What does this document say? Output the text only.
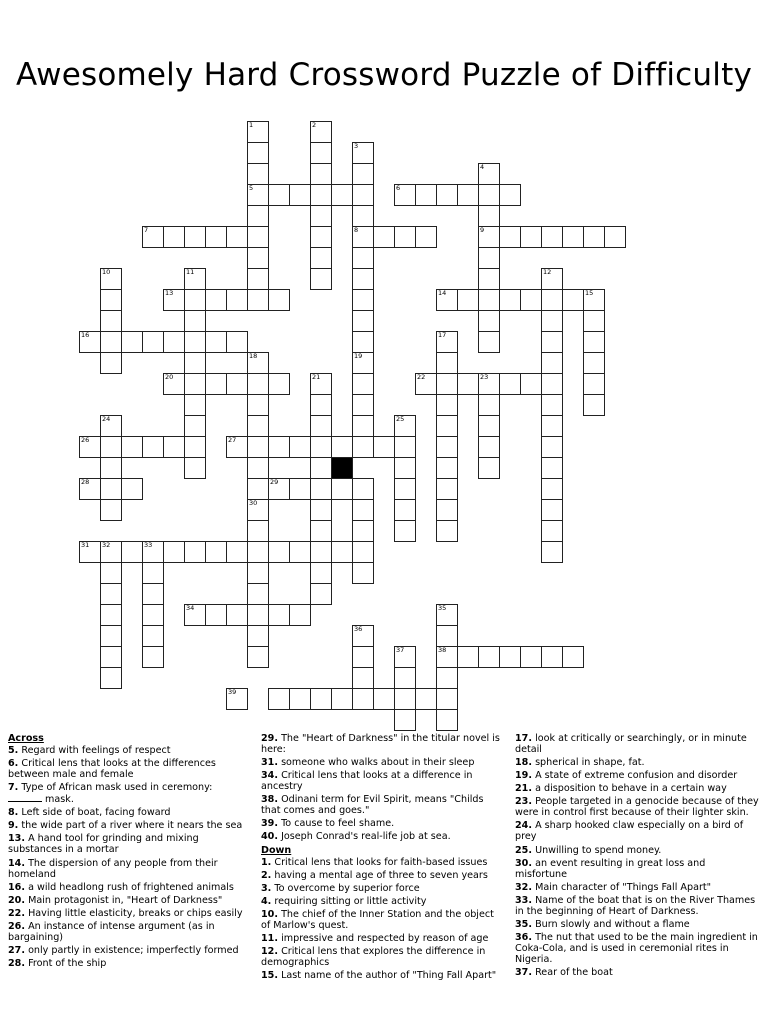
Awesomely Hard Crossword Puzzle of Difficulty
1	2
3
4
5	6
7	8	9
10	11	12
13	14	15
16	17
18	19
20	21	22	23
24	25
26	27
28	29
30
31 32	33
34	35
36
37	38
39
Across

5. Regard with feelings of respect

6. Critical lens that looks at the differences between male and female

7. Type of African mask used in ceremony:
mask.

8. Left side of boat, facing foward

9. the wide part of a river where it nears the sea

13. A hand tool for grinding and mixing substances in a mortar

14. The dispersion of any people from their homeland

16. a wild headlong rush of frightened animals

20. Main protagonist in, "Heart of Darkness"

22. Having little elasticity, breaks or chips easily

26. An instance of intense argument (as in bargaining)

27. only partly in existence; imperfectly formed

28. Front of the ship

29. The "Heart of Darkness" in the titular novel is here:

31. someone who walks about in their sleep

34. Critical lens that looks at a difference in ancestry

38. Odinani term for Evil Spirit, means "Childs that comes and goes."

39. To cause to feel shame.

40. Joseph Conrad's real-life job at sea.

Down

1. Critical lens that looks for faith-based issues

2. having a mental age of three to seven years

3. To overcome by superior force

4. requiring sitting or little activity

10. The chief of the Inner Station and the object of Marlow's quest.

11. impressive and respected by reason of age

12. Critical lens that explores the difference in demographics

15. Last name of the author of "Thing Fall Apart"

17. look at critically or searchingly, or in minute detail

18. spherical in shape, fat.

19. A state of extreme confusion and disorder

21. a disposition to behave in a certain way

23. People targeted in a genocide because of they were in control first because of their lighter skin.

24. A sharp hooked claw especially on a bird of prey

25. Unwilling to spend money.

30. an event resulting in great loss and misfortune

32. Main character of "Things Fall Apart"

33. Name of the boat that is on the River Thames in the beginning of Heart of Darkness.

35. Burn slowly and without a flame

36. The nut that used to be the main ingredient in Coka-Cola, and is used in ceremonial rites in Nigeria.

37. Rear of the boat
